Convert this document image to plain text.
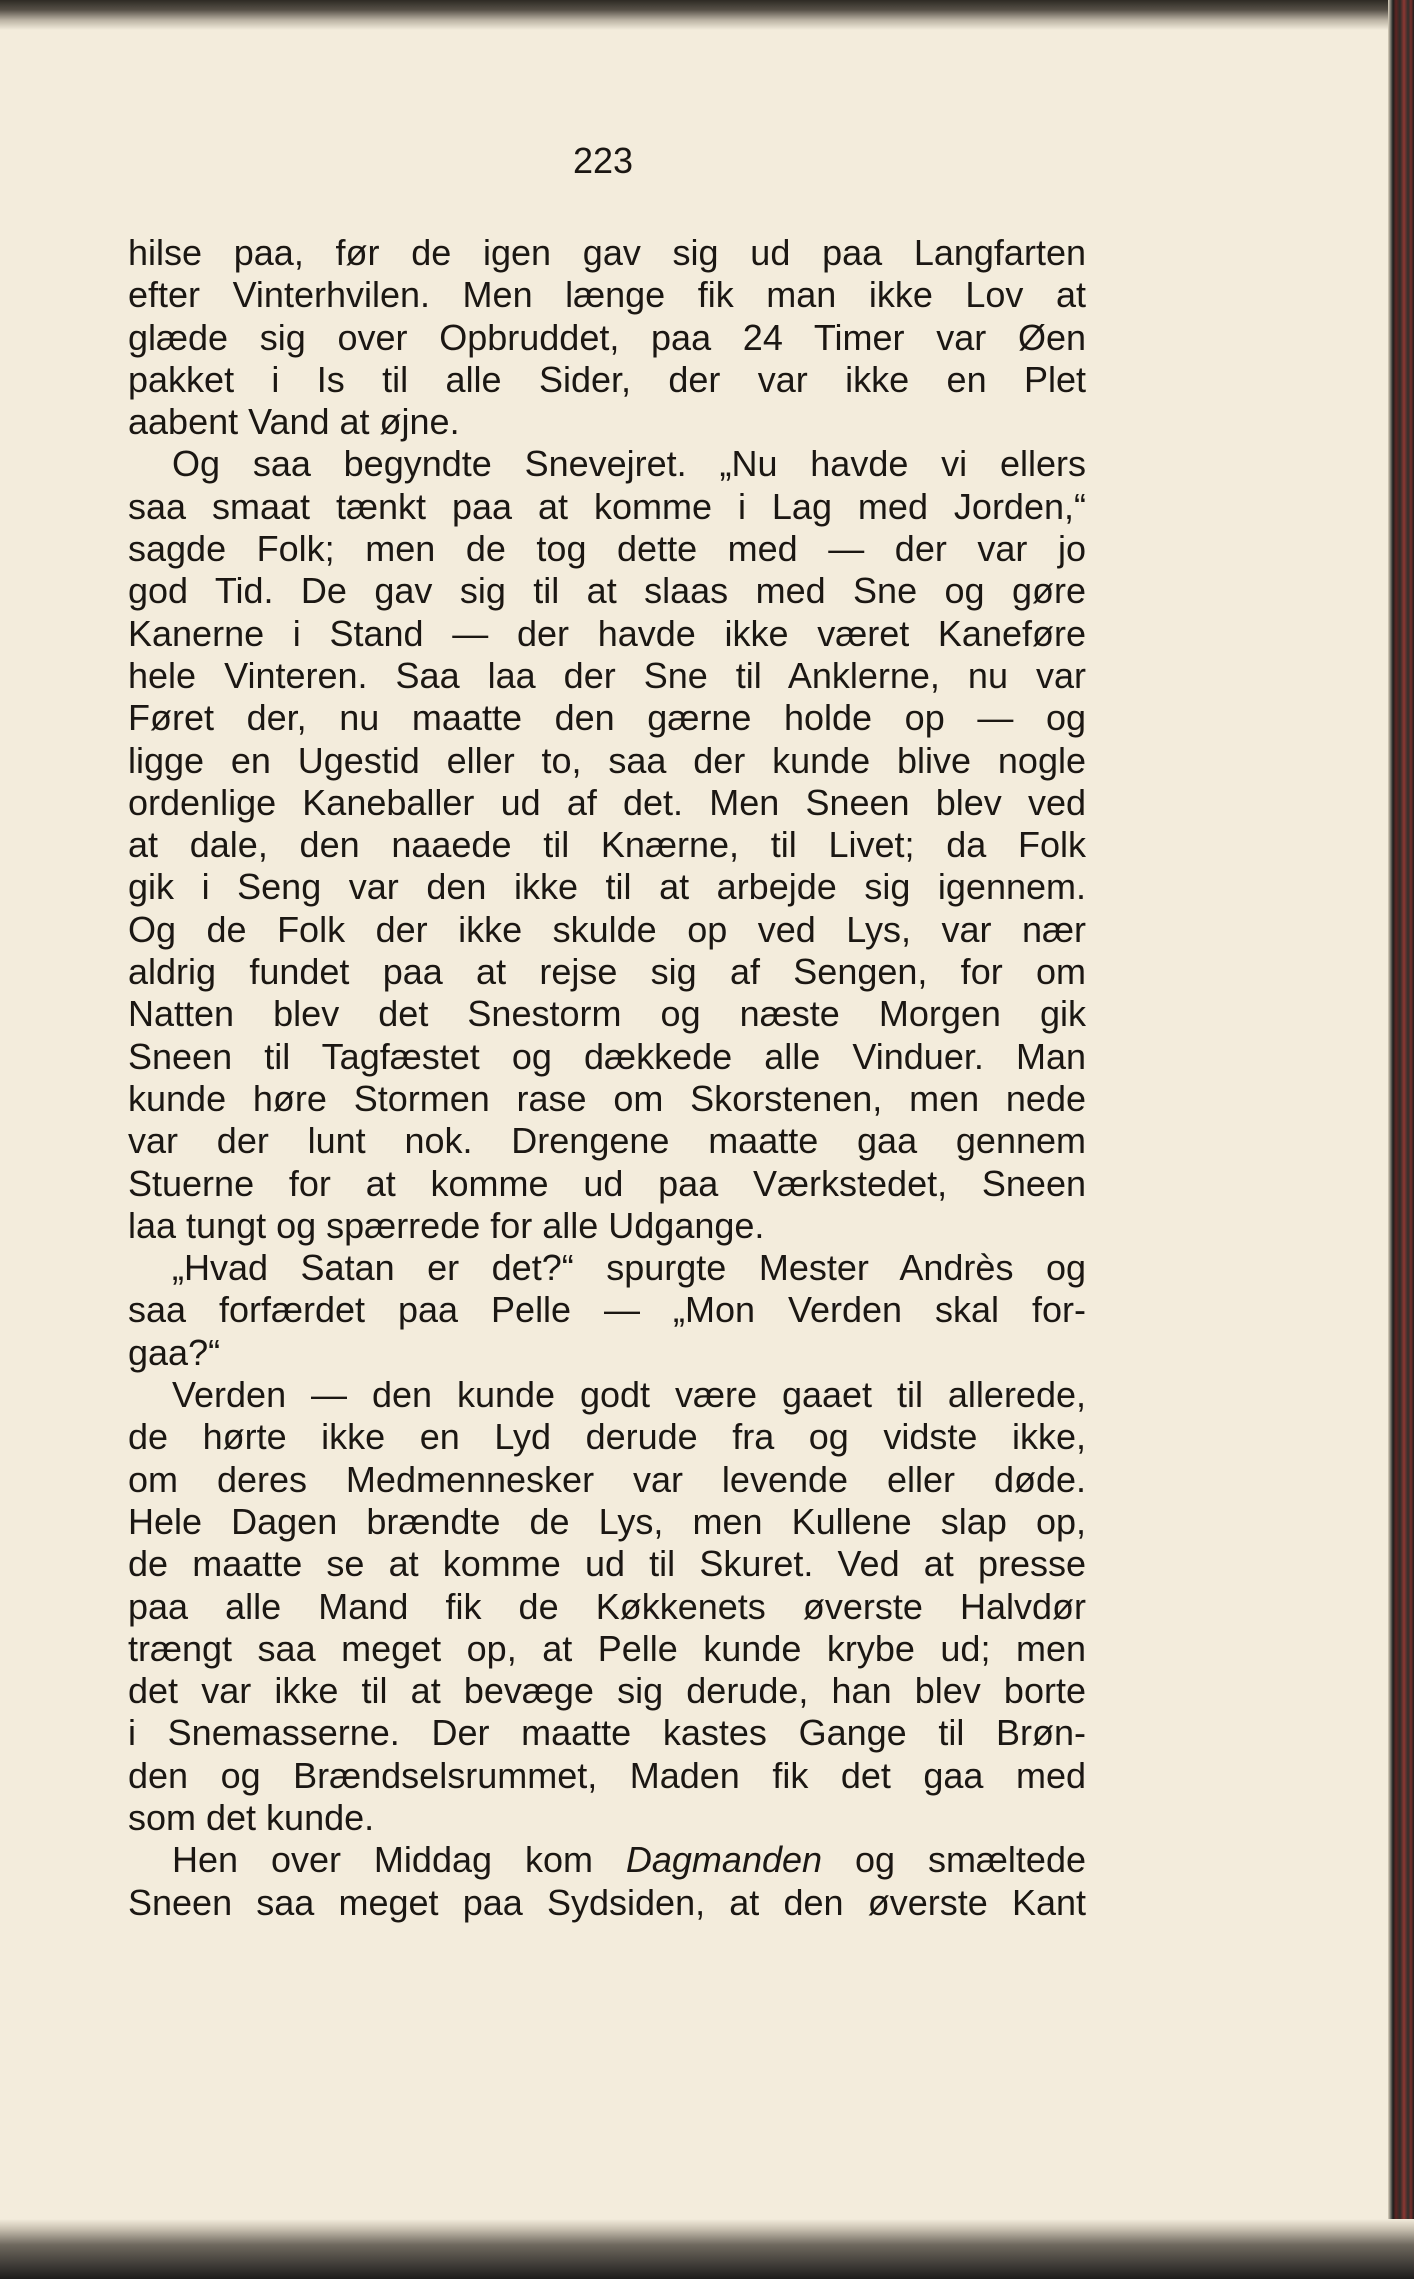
223
hilse paa, før de igen gav sig ud paa Langfarten
efter Vinterhvilen. Men længe fik man ikke Lov at
glæde sig over Opbruddet, paa 24 Timer var Øen
pakket i Is til alle Sider, der var ikke en Plet
aabent Vand at øjne.
Og saa begyndte Snevejret. „Nu havde vi ellers
saa smaat tænkt paa at komme i Lag med Jorden,“
sagde Folk; men de tog dette med — der var jo
god Tid. De gav sig til at slaas med Sne og gøre
Kanerne i Stand — der havde ikke været Kaneføre
hele Vinteren. Saa laa der Sne til Anklerne, nu var
Føret der, nu maatte den gærne holde op — og
ligge en Ugestid eller to, saa der kunde blive nogle
ordenlige Kaneballer ud af det. Men Sneen blev ved
at dale, den naaede til Knærne, til Livet; da Folk
gik i Seng var den ikke til at arbejde sig igennem.
Og de Folk der ikke skulde op ved Lys, var nær
aldrig fundet paa at rejse sig af Sengen, for om
Natten blev det Snestorm og næste Morgen gik
Sneen til Tagfæstet og dækkede alle Vinduer. Man
kunde høre Stormen rase om Skorstenen, men nede
var der lunt nok. Drengene maatte gaa gennem
Stuerne for at komme ud paa Værkstedet, Sneen
laa tungt og spærrede for alle Udgange.
„Hvad Satan er det?“ spurgte Mester Andrès og
saa forfærdet paa Pelle — „Mon Verden skal for-
gaa?“
Verden — den kunde godt være gaaet til allerede,
de hørte ikke en Lyd derude fra og vidste ikke,
om deres Medmennesker var levende eller døde.
Hele Dagen brændte de Lys, men Kullene slap op,
de maatte se at komme ud til Skuret. Ved at presse
paa alle Mand fik de Køkkenets øverste Halvdør
trængt saa meget op, at Pelle kunde krybe ud; men
det var ikke til at bevæge sig derude, han blev borte
i Snemasserne. Der maatte kastes Gange til Brøn-
den og Brændselsrummet, Maden fik det gaa med
som det kunde.
Hen over Middag kom Dagmanden og smæltede
Sneen saa meget paa Sydsiden, at den øverste Kant
